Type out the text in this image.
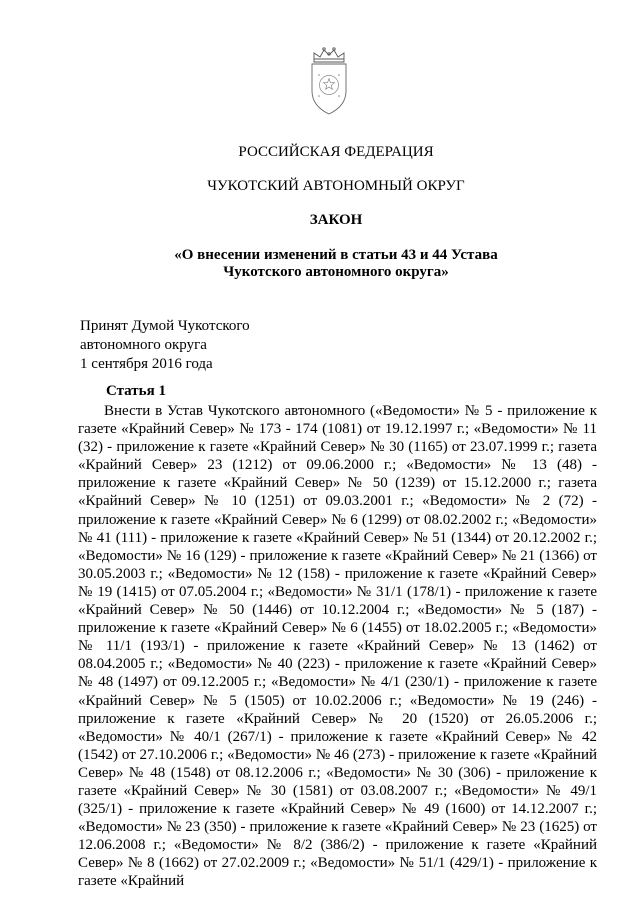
РОССИЙСКАЯ ФЕДЕРАЦИЯ
ЧУКОТСКИЙ АВТОНОМНЫЙ ОКРУГ
ЗАКОН
«О внесении изменений в статьи 43 и 44 Устава
Чукотского автономного округа»
Принят Думой Чукотского
автономного округа
1 сентября 2016 года
Статья 1
Внести в Устав Чукотского автономного («Ведомости» № 5 - приложение к газете «Крайний Север» № 173 - 174 (1081) от 19.12.1997 г.; «Ведомости» № 11 (32) - приложение к газете «Крайний Север» № 30 (1165) от 23.07.1999 г.; газета «Крайний Север» 23 (1212) от 09.06.2000 г.; «Ведомости» № 13 (48) - приложение к газете «Крайний Север» № 50 (1239) от 15.12.2000 г.; газета «Крайний Север» № 10 (1251) от 09.03.2001 г.; «Ведомости» № 2 (72) - приложение к газете «Крайний Север» № 6 (1299) от 08.02.2002 г.; «Ведомости» № 41 (111) - приложение к газете «Крайний Север» № 51 (1344) от 20.12.2002 г.; «Ведомости» № 16 (129) - приложение к газете «Крайний Север» № 21 (1366) от 30.05.2003 г.; «Ведомости» № 12 (158) - приложение к газете «Крайний Север» № 19 (1415) от 07.05.2004 г.; «Ведомости» № 31/1 (178/1) - приложение к газете «Крайний Север» № 50 (1446) от 10.12.2004 г.; «Ведомости» № 5 (187) - приложение к газете «Крайний Север» № 6 (1455) от 18.02.2005 г.; «Ведомости» № 11/1 (193/1) - приложение к газете «Крайний Север» № 13 (1462) от 08.04.2005 г.; «Ведомости» № 40 (223) - приложение к газете «Крайний Север» № 48 (1497) от 09.12.2005 г.; «Ведомости» № 4/1 (230/1) - приложение к газете «Крайний Север» № 5 (1505) от 10.02.2006 г.; «Ведомости» № 19 (246) - приложение к газете «Крайний Север» № 20 (1520) от 26.05.2006 г.; «Ведомости» № 40/1 (267/1) - приложение к газете «Крайний Север» № 42 (1542) от 27.10.2006 г.; «Ведомости» № 46 (273) - приложение к газете «Крайний Север» № 48 (1548) от 08.12.2006 г.; «Ведомости» № 30 (306) - приложение к газете «Крайний Север» № 30 (1581) от 03.08.2007 г.; «Ведомости» № 49/1 (325/1) - приложение к газете «Крайний Север» № 49 (1600) от 14.12.2007 г.; «Ведомости» № 23 (350) - приложение к газете «Крайний Север» № 23 (1625) от 12.06.2008 г.; «Ведомости» № 8/2 (386/2) - приложение к газете «Крайний Север» № 8 (1662) от 27.02.2009 г.; «Ведомости» № 51/1 (429/1) - приложение к газете «Крайний
